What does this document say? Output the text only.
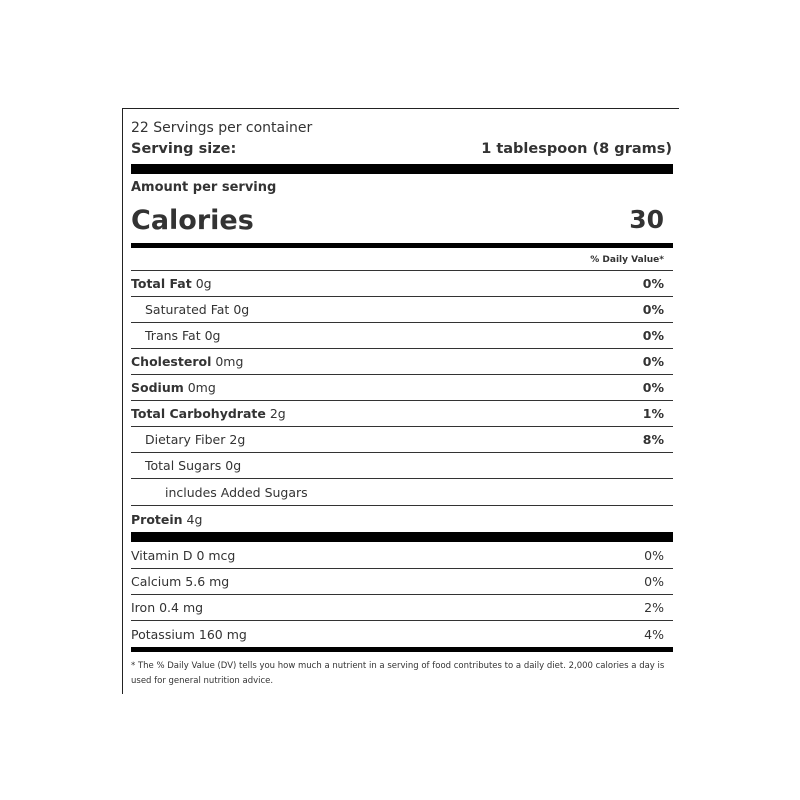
22 Servings per container
Serving size:	1 tablespoon (8 grams)
Amount per serving
Calories	30
% Daily Value*
Total Fat 0g	0%
Saturated Fat 0g	0%
Trans Fat 0g	0%
Cholesterol 0mg	0%
Sodium 0mg	0%
Total Carbohydrate 2g	1%
Dietary Fiber 2g	8%
Total Sugars 0g
includes Added Sugars
Protein 4g
Vitamin D 0 mcg	0%
Calcium 5.6 mg	0%
Iron 0.4 mg	2%
Potassium 160 mg	4%
* The % Daily Value (DV) tells you how much a nutrient in a serving of food contributes to a daily diet. 2,000 calories a day is used for general nutrition advice.
